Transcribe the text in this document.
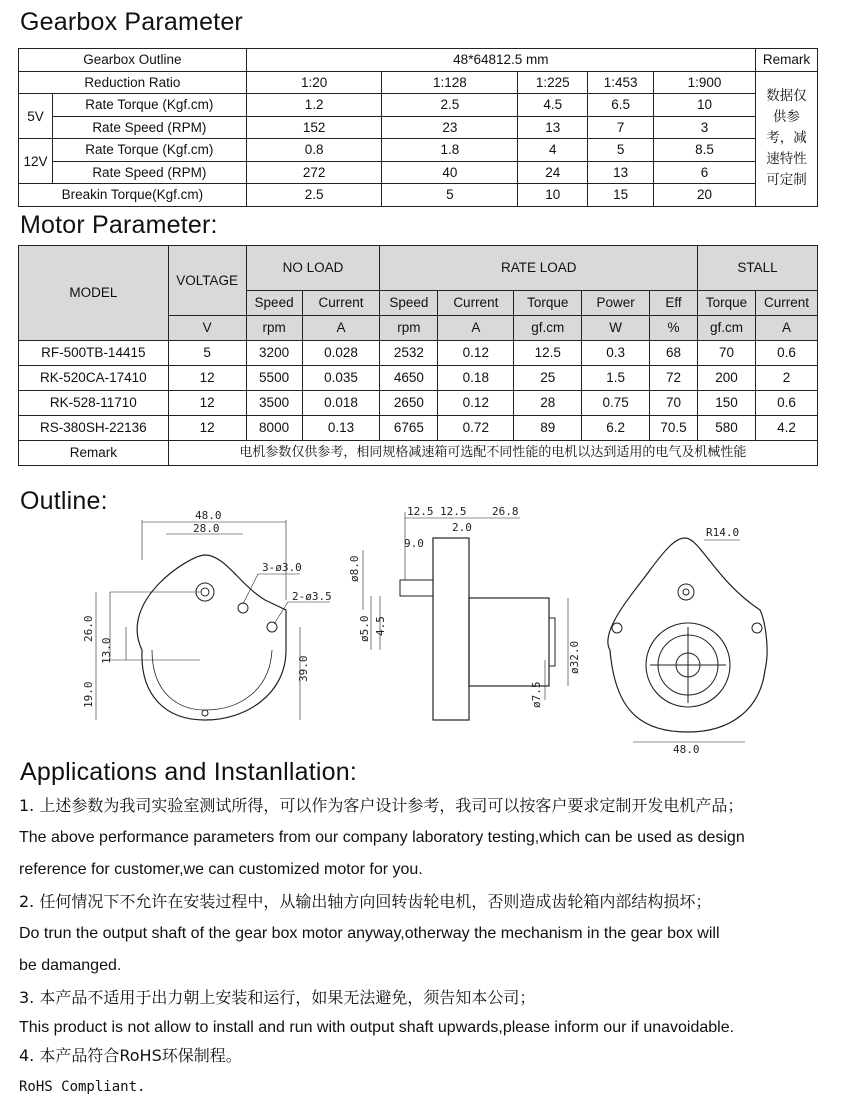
Gearbox Parameter
Gearbox Outline		48*64812.5 mm					Remark
Reduction Ratio		1:20	1:128	1:225	1:453	1:900	数据仅供参考，减速特性可定制
5V	Rate Torque (Kgf.cm)	1.2	2.5	4.5	6.5	10	
	Rate Speed (RPM)	152	23	13	7	3	
12V	Rate Torque (Kgf.cm)	0.8	1.8	4	5	8.5	
	Rate Speed (RPM)	272	40	24	13	6	
Breakin Torque(Kgf.cm)		2.5	5	10	15	20	
Motor Parameter:
MODEL	VOLTAGE	NO LOAD		RATE LOAD					STALL	
		Speed	Current	Speed	Current	Torque	Power	Eff	Torque	Current
	V	rpm	A	rpm	A	gf.cm	W	%	gf.cm	A
RF-500TB-14415	5	3200	0.028	2532	0.12	12.5	0.3	68	70	0.6
RK-520CA-17410	12	5500	0.035	4650	0.18	25	1.5	72	200	2
RK-528-11710	12	3500	0.018	2650	0.12	28	0.75	70	150	0.6
RS-380SH-22136	12	8000	0.13	6765	0.72	89	6.2	70.5	580	4.2
Remark	电机参数仅供参考，相同规格减速箱可选配不同性能的电机以达到适用的电气及机械性能									
Outline:
48.0
28.0
3-ø3.0
2-ø3.5
26.0
13.0
19.0
39.0
12.5 12.5 26.8
2.0
9.0
ø8.0
ø5.0 4.5
ø32.0
ø7.5
R14.0
48.0
Applications and Instanllation:
1. 上述参数为我司实验室测试所得，可以作为客户设计参考，我司可以按客户要求定制开发电机产品；
The above performance parameters from our company laboratory testing,which can be used as design
reference for customer,we can customized motor for you.
2. 任何情况下不允许在安装过程中，从输出轴方向回转齿轮电机，否则造成齿轮箱内部结构损坏；
Do trun the output shaft of the gear box motor anyway,otherway the mechanism in the gear box will
be damanged.
3. 本产品不适用于出力朝上安装和运行，如果无法避免，须告知本公司；
This product is not allow to install and run with output shaft upwards,please inform our if unavoidable.
4. 本产品符合RoHS环保制程。
RoHS Compliant.
